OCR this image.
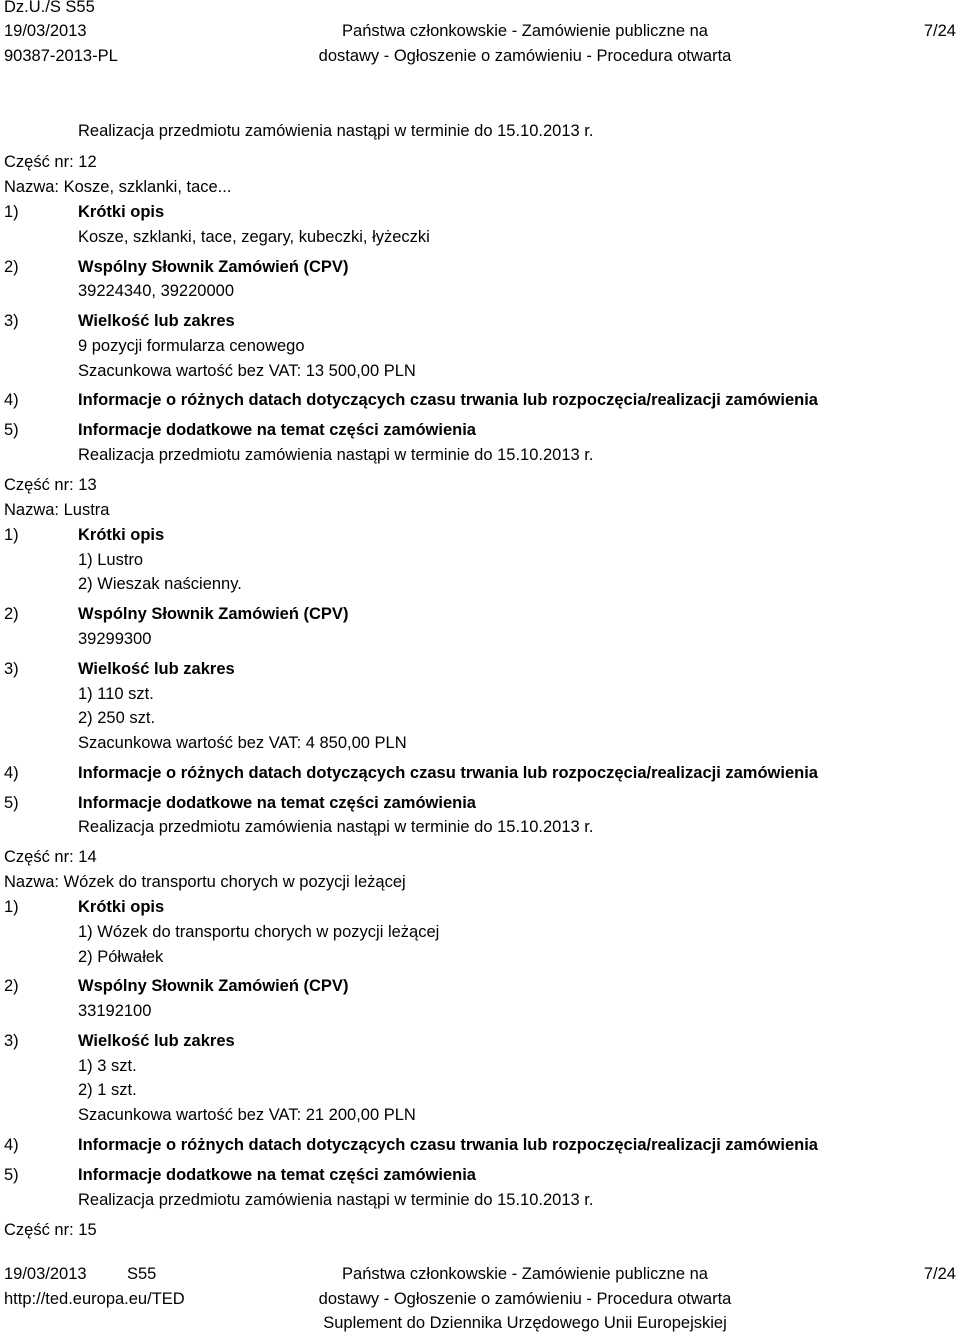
Dz.U./S S55
19/03/2013
90387-2013-PL
Państwa członkowskie - Zamówienie publiczne na
dostawy - Ogłoszenie o zamówieniu - Procedura otwarta
7/24
Realizacja przedmiotu zamówienia nastąpi w terminie do 15.10.2013 r.
Część nr: 12
Nazwa: Kosze, szklanki, tace...
1)	Krótki opis
Kosze, szklanki, tace, zegary, kubeczki, łyżeczki
2)	Wspólny Słownik Zamówień (CPV)
39224340, 39220000
3)	Wielkość lub zakres
9 pozycji formularza cenowego
Szacunkowa wartość bez VAT: 13 500,00 PLN
4)	Informacje o różnych datach dotyczących czasu trwania lub rozpoczęcia/realizacji zamówienia
5)	Informacje dodatkowe na temat części zamówienia
Realizacja przedmiotu zamówienia nastąpi w terminie do 15.10.2013 r.
Część nr: 13
Nazwa: Lustra
1)	Krótki opis
1) Lustro
2) Wieszak naścienny.
2)	Wspólny Słownik Zamówień (CPV)
39299300
3)	Wielkość lub zakres
1) 110 szt.
2) 250 szt.
Szacunkowa wartość bez VAT: 4 850,00 PLN
4)	Informacje o różnych datach dotyczących czasu trwania lub rozpoczęcia/realizacji zamówienia
5)	Informacje dodatkowe na temat części zamówienia
Realizacja przedmiotu zamówienia nastąpi w terminie do 15.10.2013 r.
Część nr: 14
Nazwa: Wózek do transportu chorych w pozycji leżącej
1)	Krótki opis
1) Wózek do transportu chorych w pozycji leżącej
2) Półwałek
2)	Wspólny Słownik Zamówień (CPV)
33192100
3)	Wielkość lub zakres
1) 3 szt.
2) 1 szt.
Szacunkowa wartość bez VAT: 21 200,00 PLN
4)	Informacje o różnych datach dotyczących czasu trwania lub rozpoczęcia/realizacji zamówienia
5)	Informacje dodatkowe na temat części zamówienia
Realizacja przedmiotu zamówienia nastąpi w terminie do 15.10.2013 r.
Część nr: 15
19/03/2013 S55
http://ted.europa.eu/TED
Państwa członkowskie - Zamówienie publiczne na
dostawy - Ogłoszenie o zamówieniu - Procedura otwarta
Suplement do Dziennika Urzędowego Unii Europejskiej
7/24
